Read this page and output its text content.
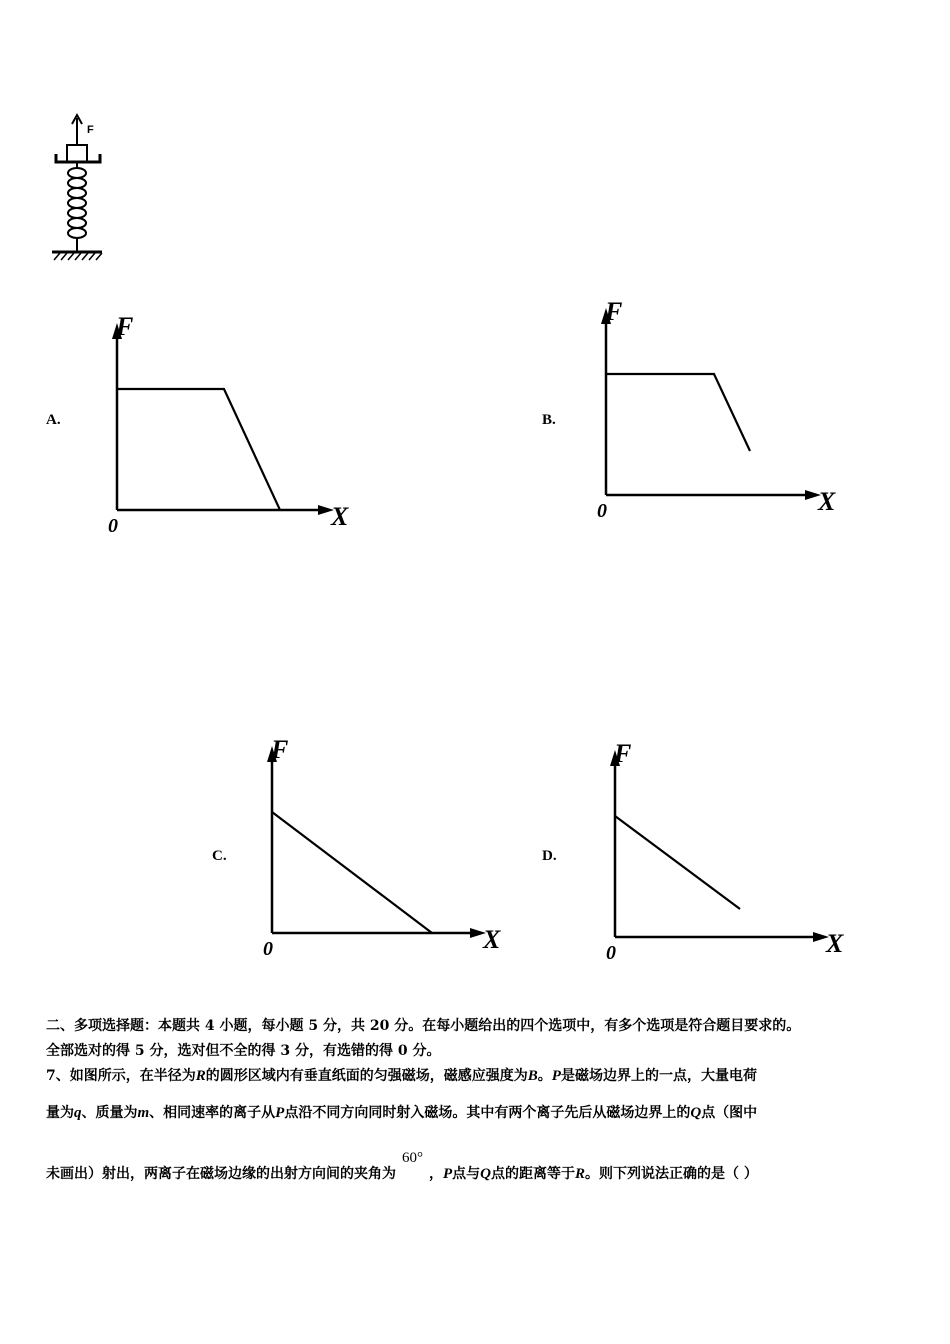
F
A.	B.
C.	D.
F
X
0
F
X
0
F
X
0
F
X
0
二、多项选择题：本题共 4 小题，每小题 5 分，共 20 分。在每小题给出的四个选项中，有多个选项是符合题目要求的。
全部选对的得 5 分，选对但不全的得 3 分，有选错的得 0 分。
7、如图所示，在半径为R的圆形区域内有垂直纸面的匀强磁场，磁感应强度为B。P是磁场边界上的一点，大量电荷
量为q、质量为m、相同速率的离子从P点沿不同方向同时射入磁场。其中有两个离子先后从磁场边界上的Q点（图中
未画出）射出，两离子在磁场边缘的出射方向间的夹角为60°，P点与Q点的距离等于R。则下列说法正确的是（ ）
